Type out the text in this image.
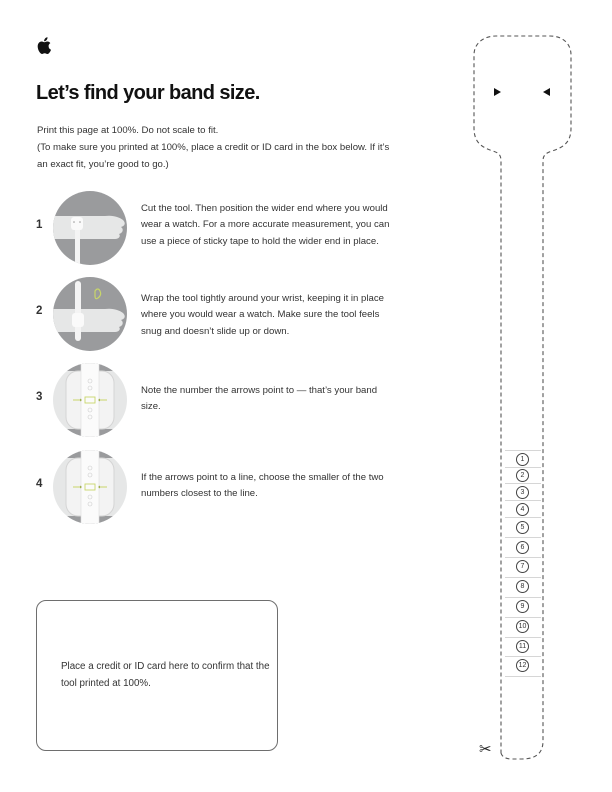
Let’s find your band size.

Print this page at 100%. Do not scale to fit.

(To make sure you printed at 100%, place a credit or ID card in the box below. If it’s an exact fit, you’re good to go.)

1
Cut the tool. Then position the wider end where you would wear a watch. For a more accurate measurement, you can use a piece of sticky tape to hold the wider end in place.
2
Wrap the tool tightly around your wrist, keeping it in place where you would wear a watch. Make sure the tool feels snug and doesn’t slide up or down.
3
Note the number the arrows point to — that’s your band size.
4
If the arrows point to a line, choose the smaller of the two numbers closest to the line.
Place a credit or ID card here to confirm that the tool printed at 100%.
1
2
3
4
5
6
7
8
9
10
11
12
✂
